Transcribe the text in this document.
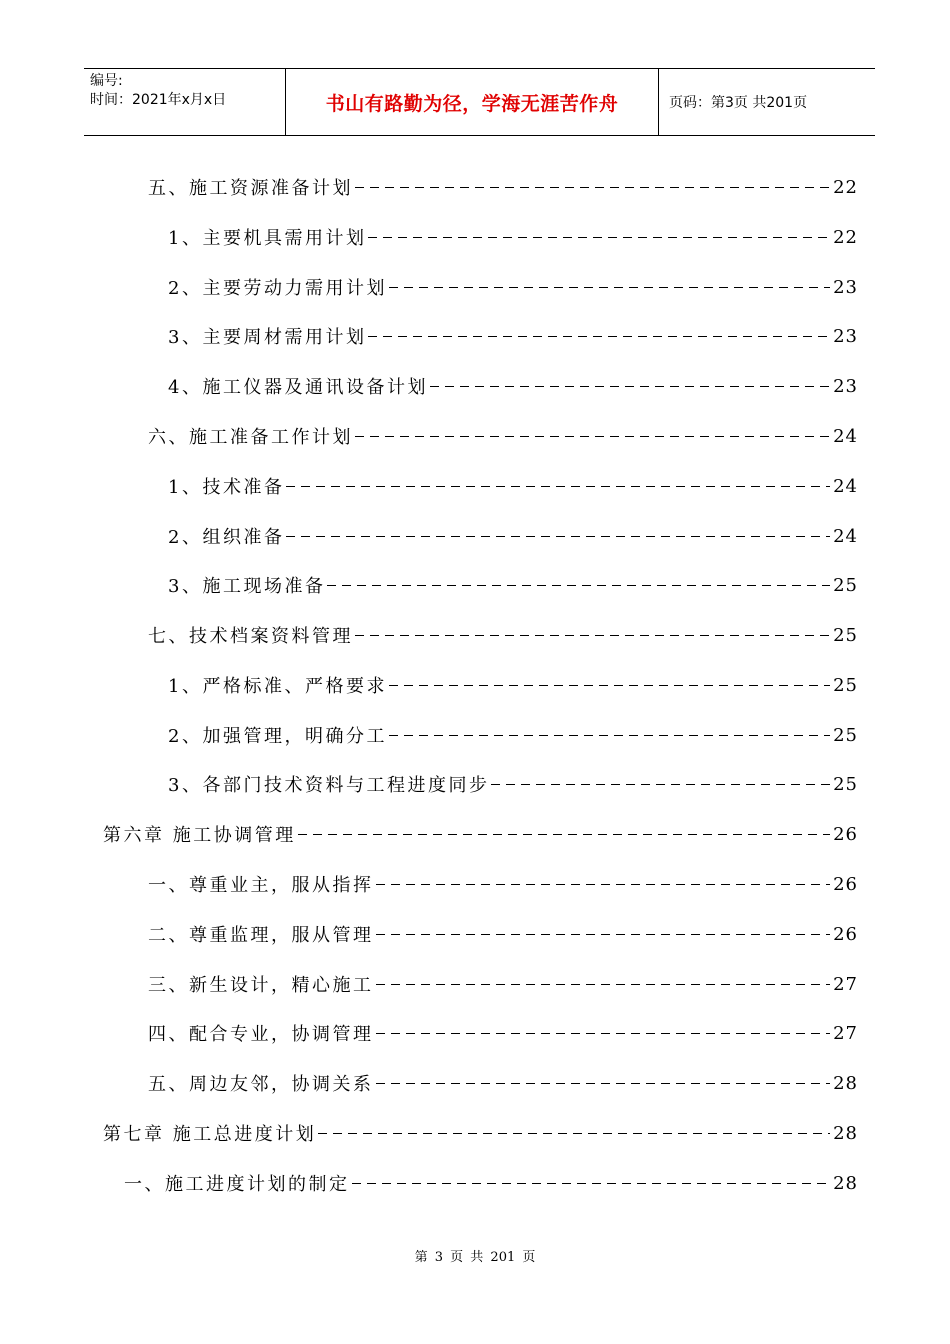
编号:
时间：2021年x月x日	书山有路勤为径，学海无涯苦作舟	页码：第3页 共201页
五、施工资源准备计划	22
1、主要机具需用计划	22
2、主要劳动力需用计划	23
3、主要周材需用计划	23
4、施工仪器及通讯设备计划	23
六、施工准备工作计划	24
1、技术准备	24
2、组织准备	24
3、施工现场准备	25
七、技术档案资料管理	25
1、严格标准、严格要求	25
2、加强管理，明确分工	25
3、各部门技术资料与工程进度同步	25
第六章 施工协调管理	26
一、尊重业主，服从指挥	26
二、尊重监理，服从管理	26
三、新生设计，精心施工	27
四、配合专业，协调管理	27
五、周边友邻，协调关系	28
第七章 施工总进度计划	28
一、施工进度计划的制定	28
第 3 页 共 201 页
